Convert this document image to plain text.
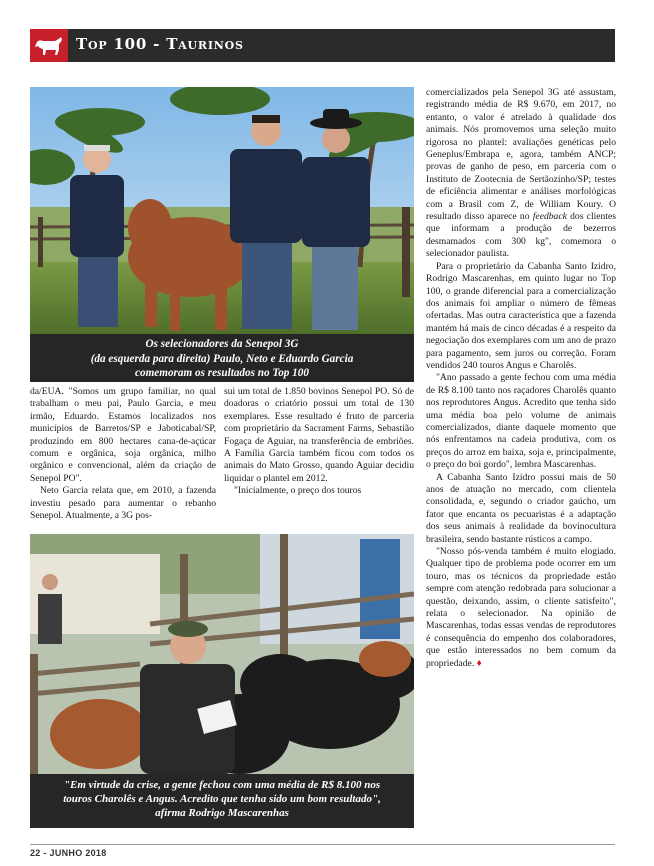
Top 100 - Taurinos
Os selecionadores da Senepol 3G
(da esquerda para direita) Paulo, Neto e Eduardo Garcia
comemoram os resultados no Top 100

da/EUA. "Somos um grupo familiar, no qual trabalham o meu pai, Paulo Garcia, e meu irmão, Eduardo. Estamos localizados nos municípios de Barretos/SP e Jaboticabal/SP, produzindo em 800 hectares cana-de-açúcar comum e orgânica, soja orgânica, milho orgânico e convencional, além da criação de Senepol PO".

Neto Garcia relata que, em 2010, a fazenda investiu pesado para aumentar o rebanho Senepol. Atualmente, a 3G pos-

sui um total de 1.850 bovinos Senepol PO. Só de doadoras o criatório possui um total de 130 exemplares. Esse resultado é fruto de parceria com proprietário da Sacrament Farms, Sebastião Fogaça de Aguiar, na transferência de embriões. A Família Garcia também ficou com todos os animais do Mato Grosso, quando Aguiar decidiu liquidar o plantel em 2012.

"Inicialmente, o preço dos touros

comercializados pela Senepol 3G até assustam, registrando média de R$ 9.670, em 2017, no entanto, o valor é atrelado à qualidade dos animais. Nós promovemos uma seleção muito rigorosa no plantel: avaliações genéticas pelo Geneplus/Embrapa e, agora, também ANCP; provas de ganho de peso, em parceria com o Instituto de Zootecnia de Sertãozinho/SP; testes de eficiência alimentar e análises morfológicas com a Brasil com Z, de William Koury. O resultado disso aparece no feedback dos clientes que informam a produção de bezerros desmamados com 300 kg", comemora o selecionador paulista.

Para o proprietário da Cabanha Santo Izidro, Rodrigo Mascarenhas, em quinto lugar no Top 100, o grande diferencial para a comercialização dos animais foi ampliar o número de fêmeas ofertadas. Mas outra característica que a fazenda mantém há mais de cinco décadas é a respeito da negociação dos exemplares com um ano de prazo para pagamento, sem juros ou correção. Foram vendidos 240 touros Angus e Charolês.

"Ano passado a gente fechou com uma média de R$ 8.100 tanto nos raçadores Charolês quanto nos reprodutores Angus. Acredito que tenha sido uma média boa pelo volume de animais comercializados, diante daquele momento que nós enfrentamos na cadeia produtiva, com os preços do arroz em baixa, soja e, principalmente, o preço do boi gordo", lembra Mascarenhas.

A Cabanha Santo Izidro possui mais de 50 anos de atuação no mercado, com clientela consolidada, e, segundo o criador gaúcho, um fator que encanta os pecuaristas é a adaptação dos seus animais à realidade da bovinocultura brasileira, sendo bastante rústicos a campo.

"Nosso pós-venda também é muito elogiado. Qualquer tipo de problema pode ocorrer em um touro, mas os técnicos da propriedade estão sempre com atenção redobrada para solucionar a questão, deixando, assim, o cliente satisfeito", relata o selecionador. Na opinião de Mascarenhas, todas essas vendas de reprodutores é consequência do empenho dos colaboradores, que estão interessados no bem comum da propriedade. ♦

"Em virtude da crise, a gente fechou com uma média de R$ 8.100 nos
touros Charolês e Angus. Acredito que tenha sido um bom resultado",
afirma Rodrigo Mascarenhas
22 - JUNHO 2018
